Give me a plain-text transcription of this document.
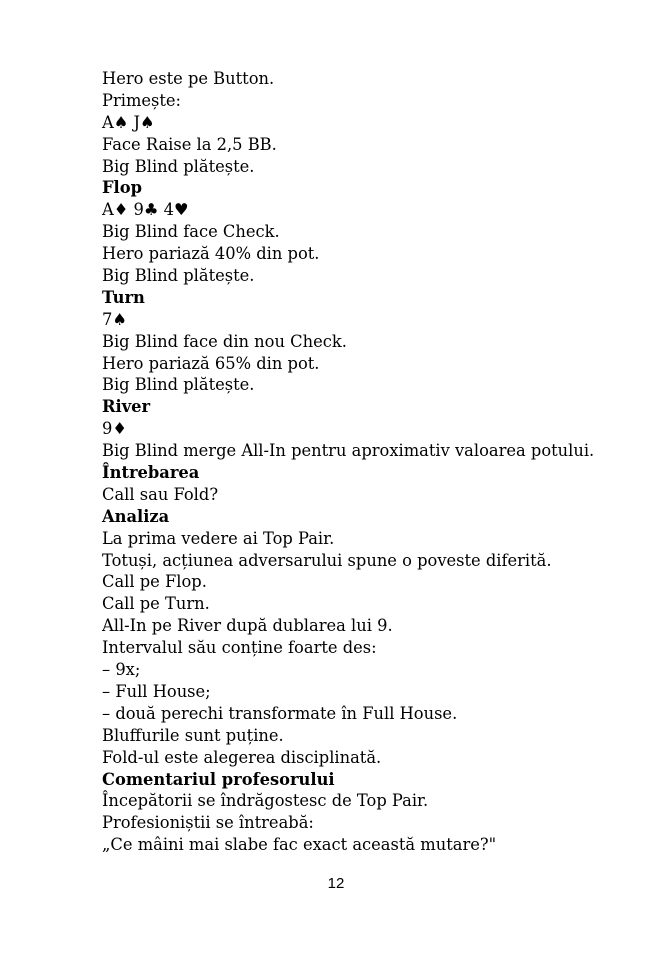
Hero este pe Button.
Primește:
A♠ J♠
Face Raise la 2,5 BB.
Big Blind plătește.
Flop
A♦ 9♣ 4♥
Big Blind face Check.
Hero pariază 40% din pot.
Big Blind plătește.
Turn
7♠
Big Blind face din nou Check.
Hero pariază 65% din pot.
Big Blind plătește.
River
9♦
Big Blind merge All-In pentru aproximativ valoarea potului.
Întrebarea
Call sau Fold?
Analiza
La prima vedere ai Top Pair.
Totuși, acțiunea adversarului spune o poveste diferită.
Call pe Flop.
Call pe Turn.
All-In pe River după dublarea lui 9.
Intervalul său conține foarte des:
– 9x;
– Full House;
– două perechi transformate în Full House.
Bluffurile sunt puține.
Fold-ul este alegerea disciplinată.
Comentariul profesorului
Începătorii se îndrăgostesc de Top Pair.
Profesioniștii se întreabă:
„Ce mâini mai slabe fac exact această mutare?"
12
